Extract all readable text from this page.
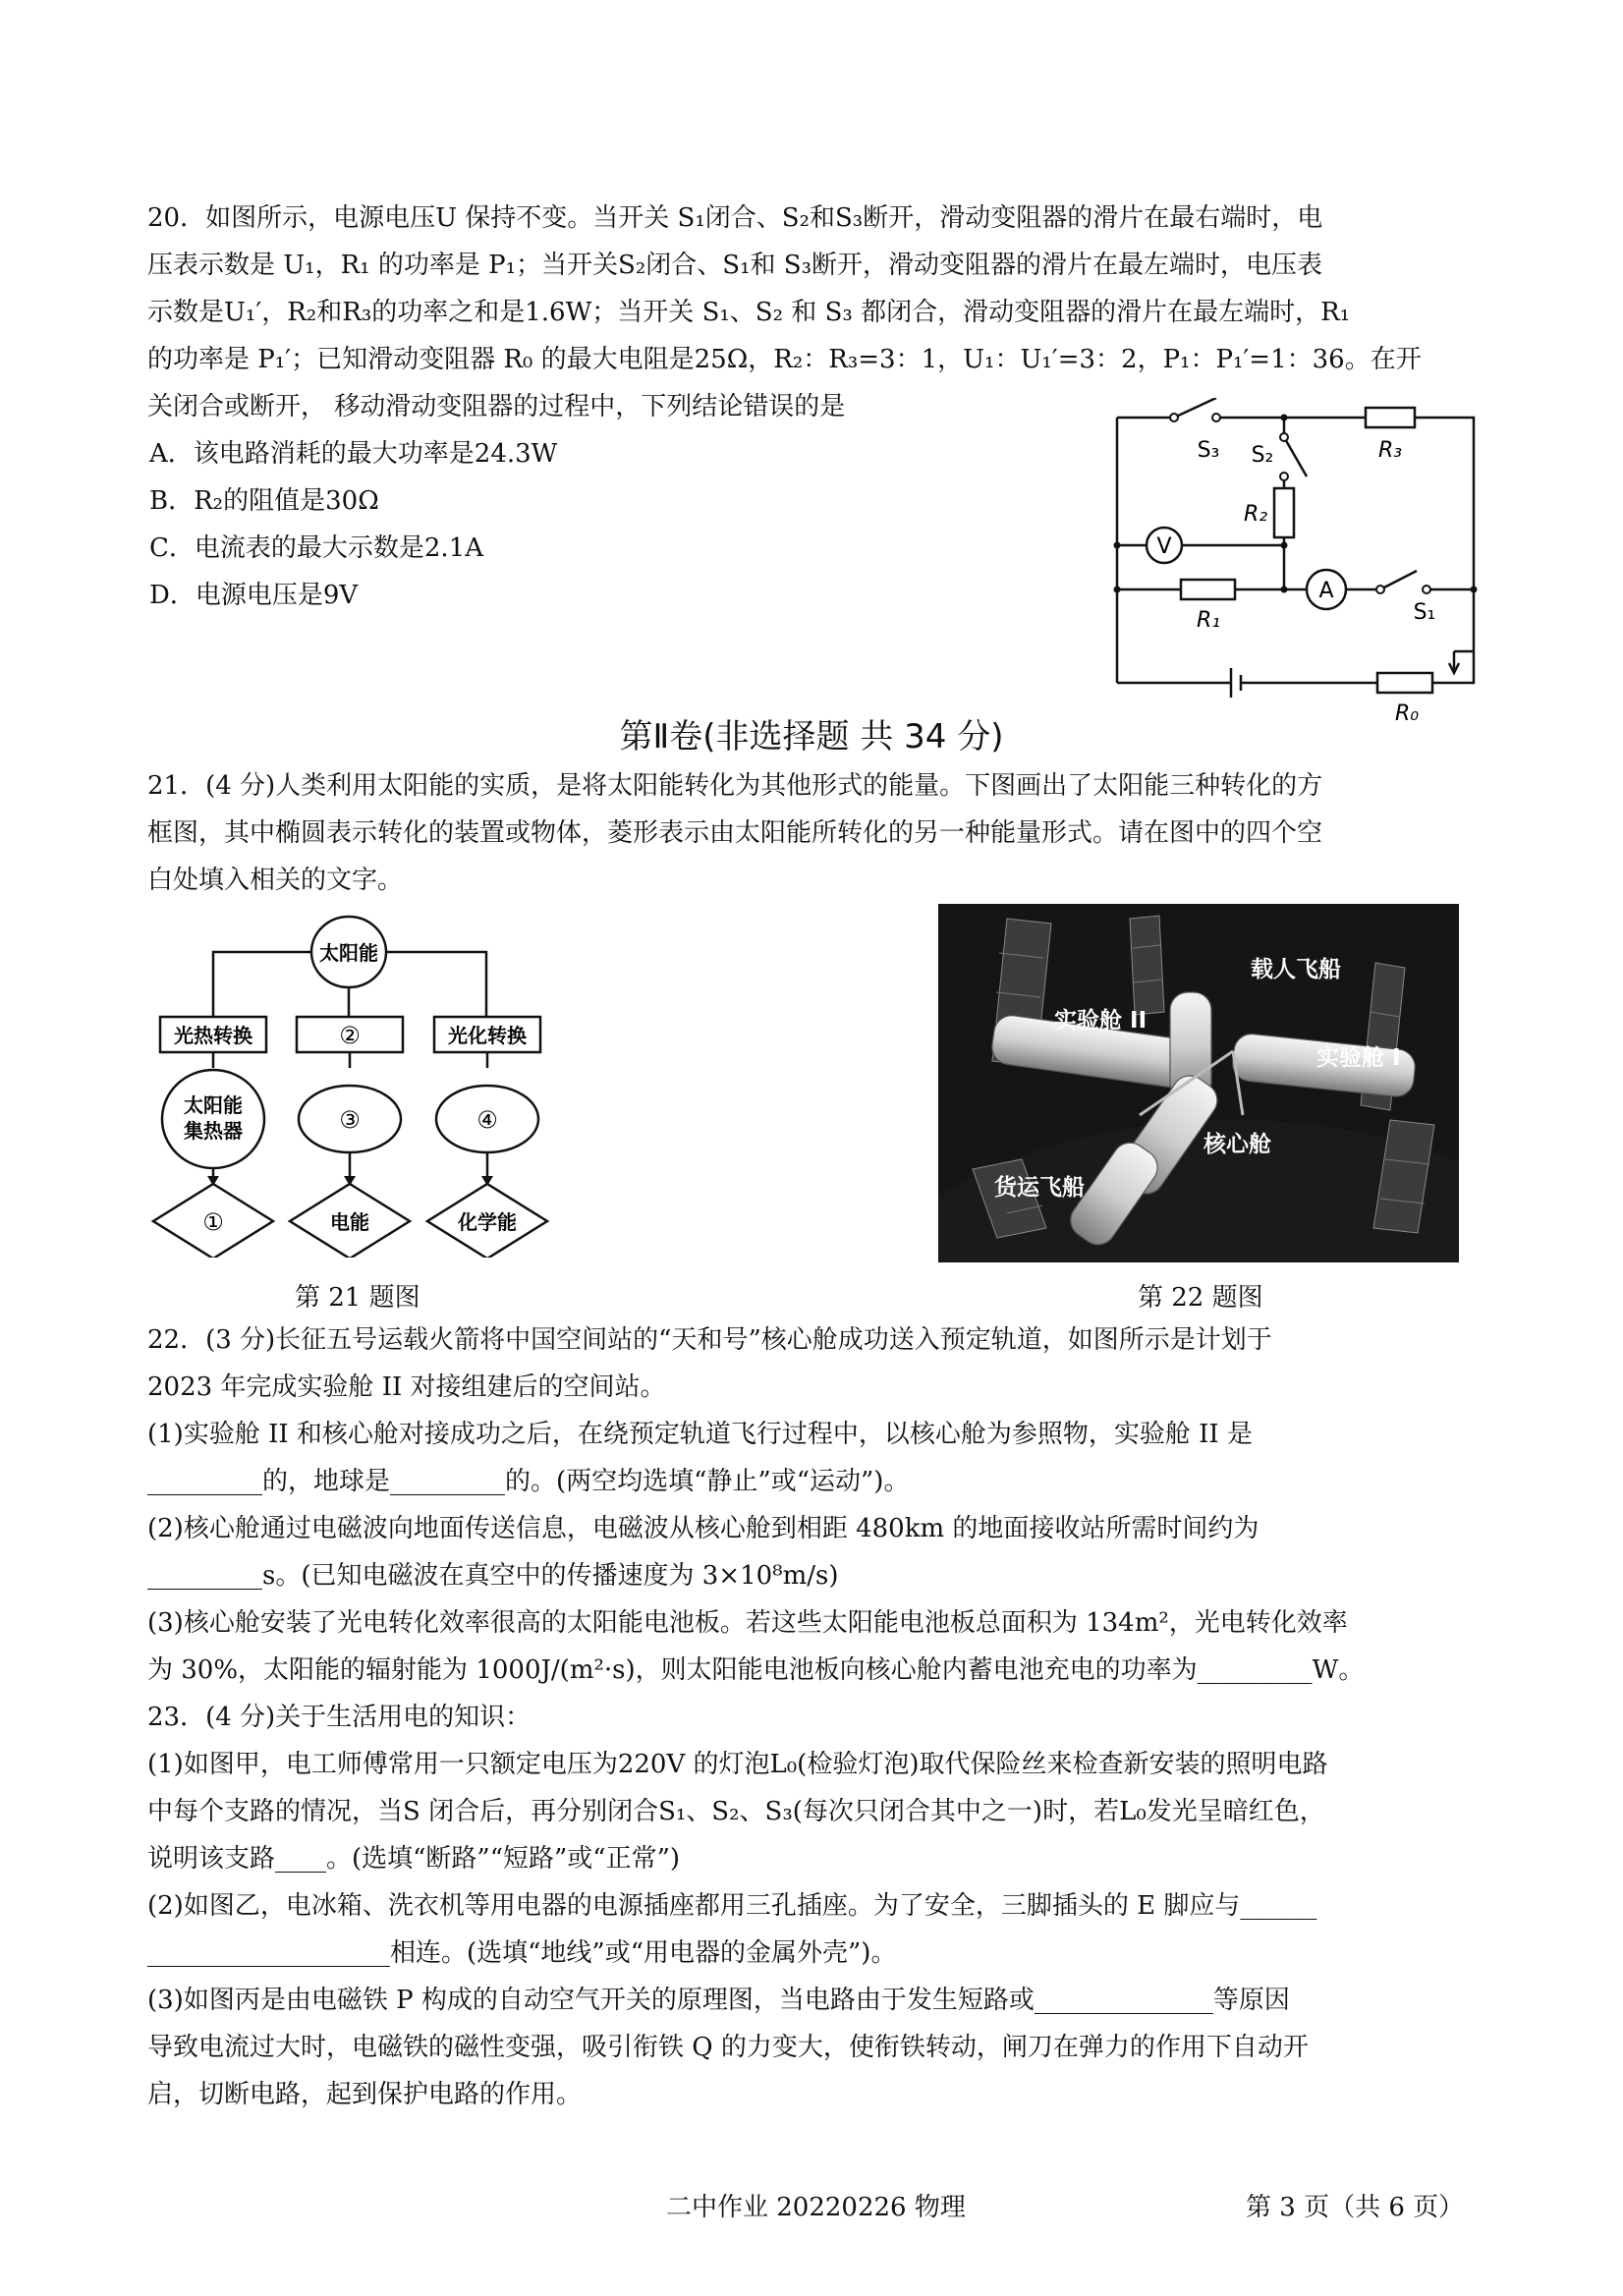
20．如图所示，电源电压U 保持不变。当开关 S₁闭合、S₂和S₃断开，滑动变阻器的滑片在最右端时，电
压表示数是 U₁，R₁ 的功率是 P₁；当开关S₂闭合、S₁和 S₃断开，滑动变阻器的滑片在最左端时，电压表
示数是U₁′，R₂和R₃的功率之和是1.6W；当开关 S₁、S₂ 和 S₃ 都闭合，滑动变阻器的滑片在最左端时，R₁
的功率是 P₁′；已知滑动变阻器 R₀ 的最大电阻是25Ω，R₂：R₃=3：1，U₁：U₁′=3：2，P₁：P₁′=1：36。在开
关闭合或断开， 移动滑动变阻器的过程中，下列结论错误的是
A．该电路消耗的最大功率是24.3W
B．R₂的阻值是30Ω
C．电流表的最大示数是2.1A
D．电源电压是9V
V
A
S₃ S₂	R₃
R₂
R₁	S₁
R₀
第Ⅱ卷(非选择题 共 34 分)
21．(4 分)人类利用太阳能的实质，是将太阳能转化为其他形式的能量。下图画出了太阳能三种转化的方
框图，其中椭圆表示转化的装置或物体，菱形表示由太阳能所转化的另一种能量形式。请在图中的四个空
白处填入相关的文字。
太阳能
光热转换	②	光化转换
太阳能
集热器	③	④
①	电能	化学能
第 21 题图
载人飞船
实验舱 II
实验舱 I
核心舱
货运飞船
第 22 题图
22．(3 分)长征五号运载火箭将中国空间站的“天和号”核心舱成功送入预定轨道，如图所示是计划于
2023 年完成实验舱 II 对接组建后的空间站。
(1)实验舱 II 和核心舱对接成功之后，在绕预定轨道飞行过程中，以核心舱为参照物，实验舱 II 是
_________的，地球是_________的。(两空均选填“静止”或“运动”)。
(2)核心舱通过电磁波向地面传送信息，电磁波从核心舱到相距 480km 的地面接收站所需时间约为
_________s。(已知电磁波在真空中的传播速度为 3×10⁸m/s)
(3)核心舱安装了光电转化效率很高的太阳能电池板。若这些太阳能电池板总面积为 134m²，光电转化效率
为 30%，太阳能的辐射能为 1000J/(m²·s)，则太阳能电池板向核心舱内蓄电池充电的功率为_________W。
23．(4 分)关于生活用电的知识：
(1)如图甲，电工师傅常用一只额定电压为220V 的灯泡L₀(检验灯泡)取代保险丝来检查新安装的照明电路
中每个支路的情况，当S 闭合后，再分别闭合S₁、S₂、S₃(每次只闭合其中之一)时，若L₀发光呈暗红色，
说明该支路____。(选填“断路”“短路”或“正常”)
(2)如图乙，电冰箱、洗衣机等用电器的电源插座都用三孔插座。为了安全，三脚插头的 E 脚应与______
___________________相连。(选填“地线”或“用电器的金属外壳”)。
(3)如图丙是由电磁铁 P 构成的自动空气开关的原理图，当电路由于发生短路或______________等原因
导致电流过大时，电磁铁的磁性变强，吸引衔铁 Q 的力变大，使衔铁转动，闸刀在弹力的作用下自动开
启，切断电路，起到保护电路的作用。
二中作业 20220226 物理	第 3 页（共 6 页）
